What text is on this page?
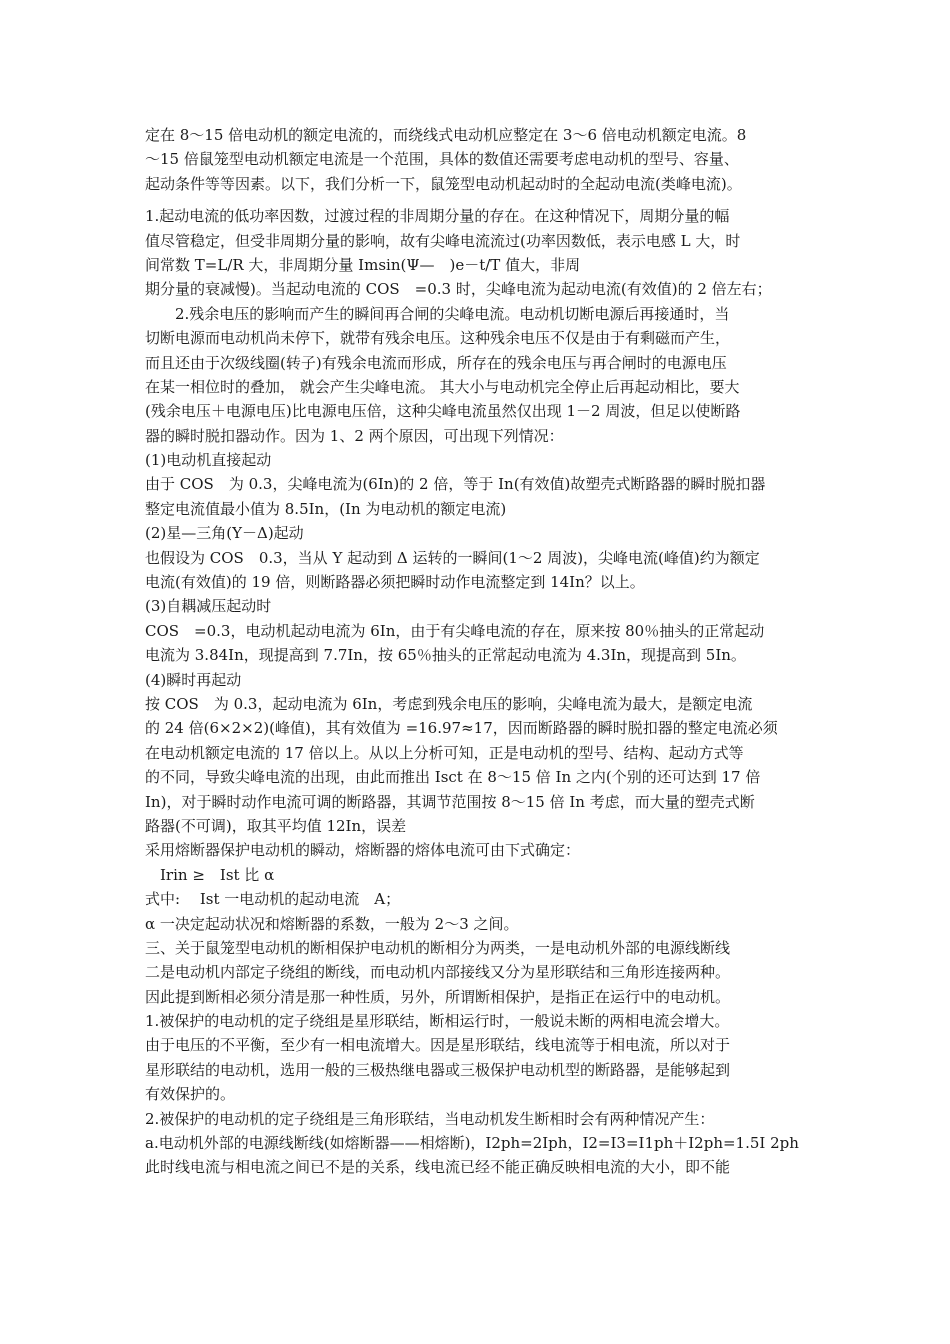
定在 8～15 倍电动机的额定电流的，而绕线式电动机应整定在 3～6 倍电动机额定电流。8
～15 倍鼠笼型电动机额定电流是一个范围，具体的数值还需要考虑电动机的型号、容量、
起动条件等等因素。以下，我们分析一下，鼠笼型电动机起动时的全起动电流(类峰电流)。
1.起动电流的低功率因数，过渡过程的非周期分量的存在。在这种情况下，周期分量的幅
值尽管稳定，但受非周期分量的影响，故有尖峰电流流过(功率因数低，表示电感 L 大，时
间常数 T=L/R 大，非周期分量 Imsin(Ψ—　)e－t/T 值大，非周
期分量的衰减慢)。当起动电流的 COS　=0.3 时，尖峰电流为起动电流(有效值)的 2 倍左右；
　　2.残余电压的影响而产生的瞬间再合闸的尖峰电流。电动机切断电源后再接通时，当
切断电源而电动机尚未停下，就带有残余电压。这种残余电压不仅是由于有剩磁而产生，
而且还由于次级线圈(转子)有残余电流而形成，所存在的残余电压与再合闸时的电源电压
在某一相位时的叠加， 就会产生尖峰电流。 其大小与电动机完全停止后再起动相比，要大
(残余电压＋电源电压)比电源电压倍，这种尖峰电流虽然仅出现 1－2 周波，但足以使断路
器的瞬时脱扣器动作。因为 1、2 两个原因，可出现下列情况：
(1)电动机直接起动
由于 COS　为 0.3，尖峰电流为(6In)的 2 倍，等于 In(有效值)故塑壳式断路器的瞬时脱扣器
整定电流值最小值为 8.5In，(In 为电动机的额定电流)
(2)星—三角(Y－Δ)起动
也假设为 COS　0.3，当从 Y 起动到 Δ 运转的一瞬间(1～2 周波)，尖峰电流(峰值)约为额定
电流(有效值)的 19 倍，则断路器必须把瞬时动作电流整定到 14In？以上。
(3)自耦减压起动时
COS　=0.3，电动机起动电流为 6In，由于有尖峰电流的存在，原来按 80％抽头的正常起动
电流为 3.84In，现提高到 7.7In，按 65％抽头的正常起动电流为 4.3In，现提高到 5In。
(4)瞬时再起动
按 COS　为 0.3，起动电流为 6In，考虑到残余电压的影响，尖峰电流为最大，是额定电流
的 24 倍(6×2×2)(峰值)，其有效值为 =16.97≈17，因而断路器的瞬时脱扣器的整定电流必须
在电动机额定电流的 17 倍以上。从以上分析可知，正是电动机的型号、结构、起动方式等
的不同，导致尖峰电流的出现，由此而推出 Isct 在 8～15 倍 In 之内(个别的还可达到 17 倍
In)，对于瞬时动作电流可调的断路器，其调节范围按 8～15 倍 In 考虑，而大量的塑壳式断
路器(不可调)，取其平均值 12In，误差
采用熔断器保护电动机的瞬动，熔断器的熔体电流可由下式确定：
　Irin ≥　Ist 比 α
式中:　 Ist 一电动机的起动电流　A；
α 一决定起动状况和熔断器的系数，一般为 2～3 之间。
三、关于鼠笼型电动机的断相保护电动机的断相分为两类，一是电动机外部的电源线断线
二是电动机内部定子绕组的断线，而电动机内部接线又分为星形联结和三角形连接两种。
因此提到断相必须分清是那一种性质，另外，所谓断相保护，是指正在运行中的电动机。
1.被保护的电动机的定子绕组是星形联结，断相运行时，一般说未断的两相电流会增大。
由于电压的不平衡，至少有一相电流增大。因是星形联结，线电流等于相电流，所以对于
星形联结的电动机，选用一般的三极热继电器或三极保护电动机型的断路器，是能够起到
有效保护的。
2.被保护的电动机的定子绕组是三角形联结，当电动机发生断相时会有两种情况产生：
a.电动机外部的电源线断线(如熔断器——相熔断)，I2ph=2Iph，I2=I3=I1ph＋I2ph=1.5I 2ph
此时线电流与相电流之间已不是的关系，线电流已经不能正确反映相电流的大小，即不能
